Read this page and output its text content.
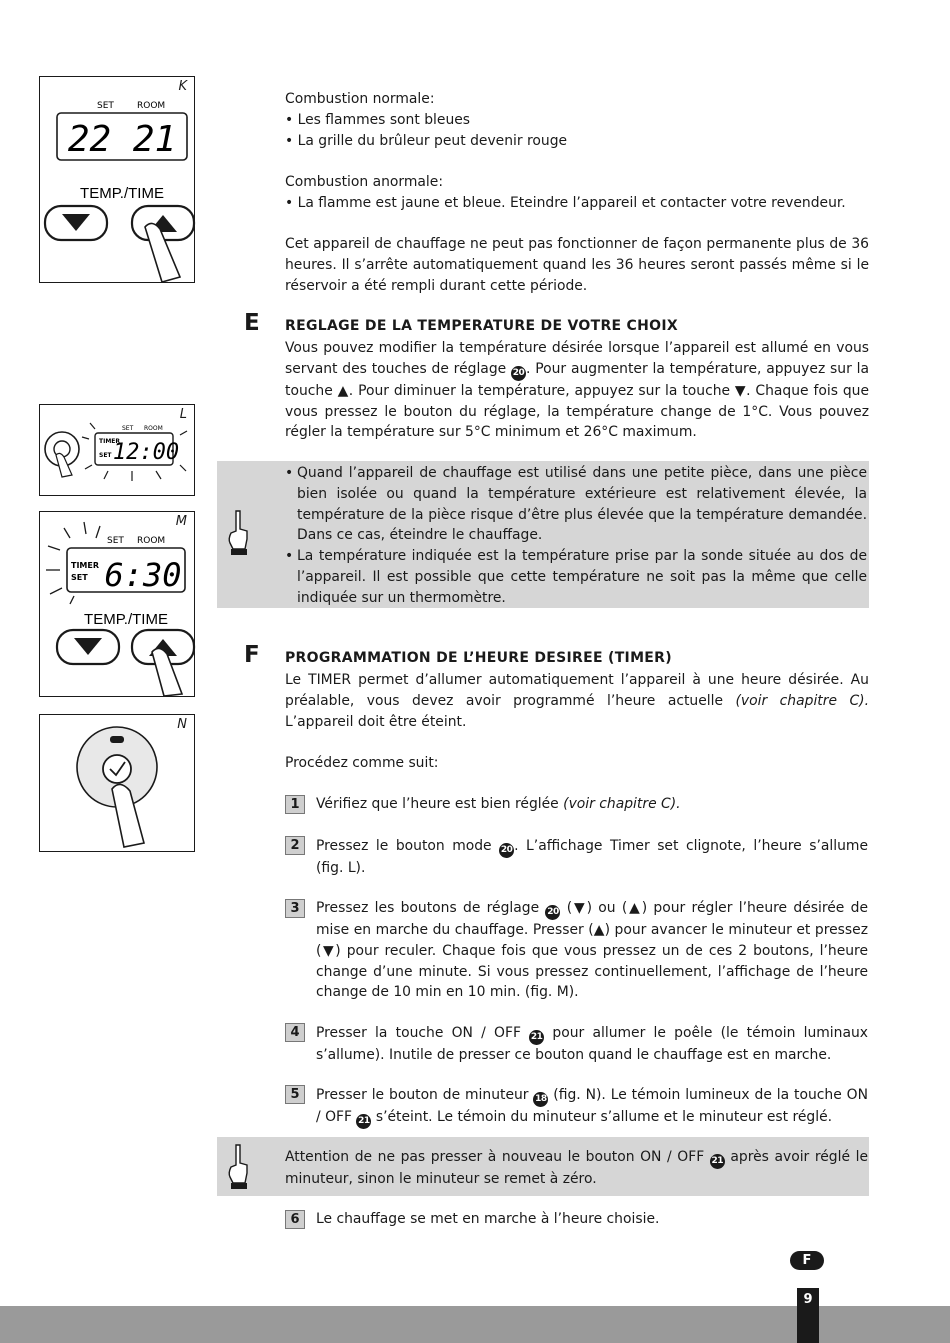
K
SET	ROOM
22 21
TEMP./TIME
L
SET ROOM
TIMER
SET 12:00
M
SET ROOM
TIMER
SET 6:30
TEMP./TIME
N

Combustion normale:

• Les flammes sont bleues

• La grille du brûleur peut devenir rouge

Combustion anormale:

• La flamme est jaune et bleue. Eteindre l’appareil et contacter votre revendeur.

Cet appareil de chauffage ne peut pas fonctionner de façon permanente plus de 36 heures. Il s’arrête automatiquement quand les 36 heures seront passés même si le réservoir a été rempli durant cette période.

E REGLAGE DE LA TEMPERATURE DE VOTRE CHOIX

Vous pouvez modifier la température désirée lorsque l’appareil est allumé en vous servant des touches de réglage 20 . Pour augmenter la température, appuyez sur la touche ▲. Pour diminuer la température, appuyez sur la touche ▼. Chaque fois que vous pressez le bouton du réglage, la température change de 1°C. Vous pouvez régler la température sur 5°C minimum et 26°C maximum.

• Quand l’appareil de chauffage est utilisé dans une petite pièce, dans une pièce bien isolée ou quand la température extérieure est relativement élevée, la température de la pièce risque d’être plus élevée que la température demandée. Dans ce cas, éteindre le chauffage.
• La température indiquée est la température prise par la sonde située au dos de l’appareil. Il est possible que cette température ne soit pas la même que celle indiquée sur un thermomètre.
F PROGRAMMATION DE L’HEURE DESIREE (TIMER)

Le TIMER permet d’allumer automatiquement l’appareil à une heure désirée. Au préalable, vous devez avoir programmé l’heure actuelle (voir chapitre C). L’appareil doit être éteint.

Procédez comme suit:

1	Vérifiez que l’heure est bien réglée (voir chapitre C).

2	Pressez le bouton mode 20 . L’affichage Timer set clignote, l’heure s’allume (fig. L).

3	Pressez les boutons de réglage 20 (▼) ou (▲) pour régler l’heure désirée de mise en marche du chauffage. Presser (▲) pour avancer le minuteur et pressez (▼) pour reculer. Chaque fois que vous pressez un de ces 2 boutons, l’heure change d’une minute. Si vous pressez continuellement, l’affichage de l’heure change de 10 min en 10 min. (fig. M).

4	Presser la touche ON / OFF 21 pour allumer le poêle (le témoin luminaux s’allume). Inutile de presser ce bouton quand le chauffage est en marche.

5	Presser le bouton de minuteur 18 (fig. N). Le témoin lumineux de la touche ON / OFF 21 s’éteint. Le témoin du minuteur s’allume et le minuteur est réglé.

Attention de ne pas presser à nouveau le bouton ON / OFF 21 après avoir réglé le minuteur, sinon le minuteur se remet à zéro.

6	Le chauffage se met en marche à l’heure choisie.

F
9
